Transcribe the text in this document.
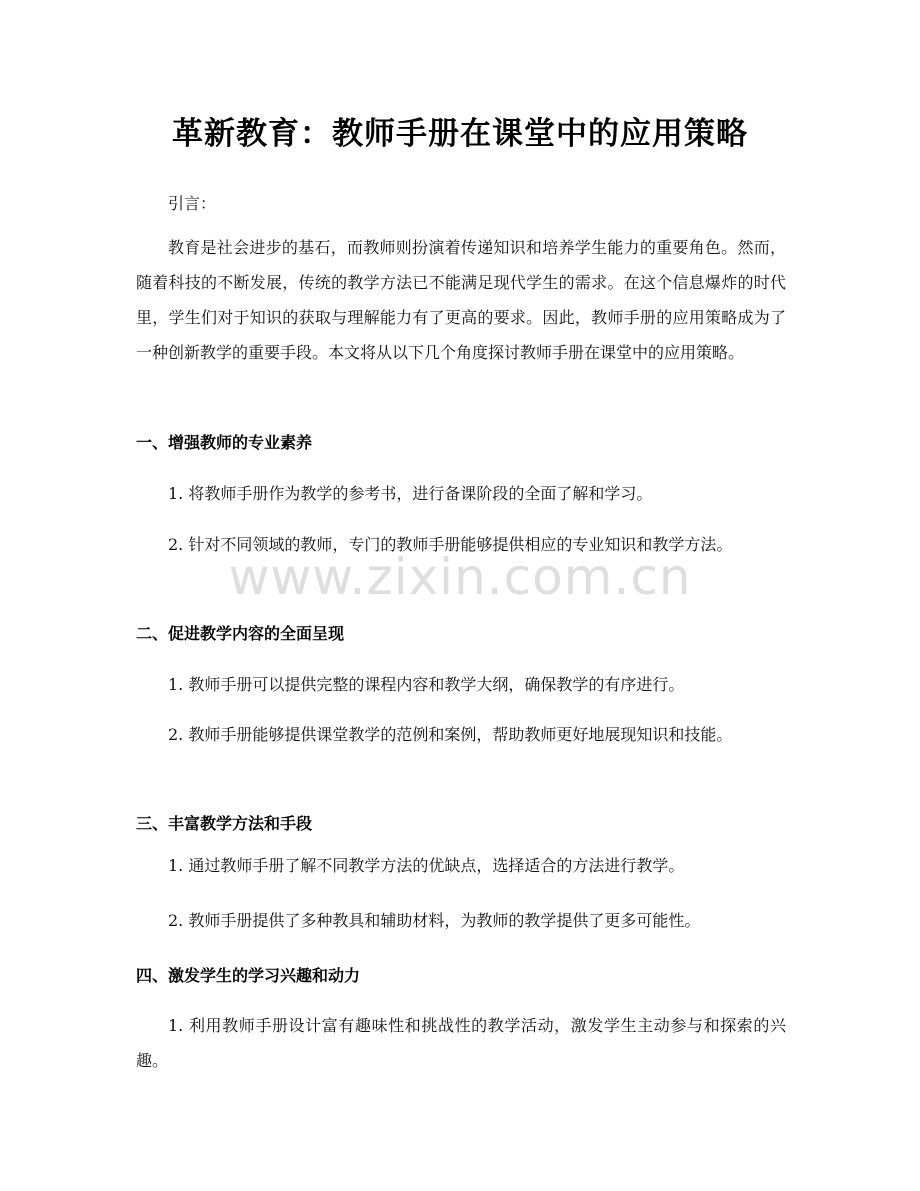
革新教育：教师手册在课堂中的应用策略

引言：

教育是社会进步的基石，而教师则扮演着传递知识和培养学生能力的重要角色。然而，随着科技的不断发展，传统的教学方法已不能满足现代学生的需求。在这个信息爆炸的时代里，学生们对于知识的获取与理解能力有了更高的要求。因此，教师手册的应用策略成为了一种创新教学的重要手段。本文将从以下几个角度探讨教师手册在课堂中的应用策略。

一、增强教师的专业素养

1. 将教师手册作为教学的参考书，进行备课阶段的全面了解和学习。

2. 针对不同领域的教师，专门的教师手册能够提供相应的专业知识和教学方法。

二、促进教学内容的全面呈现

1. 教师手册可以提供完整的课程内容和教学大纲，确保教学的有序进行。

2. 教师手册能够提供课堂教学的范例和案例，帮助教师更好地展现知识和技能。

三、丰富教学方法和手段

1. 通过教师手册了解不同教学方法的优缺点，选择适合的方法进行教学。

2. 教师手册提供了多种教具和辅助材料，为教师的教学提供了更多可能性。

四、激发学生的学习兴趣和动力

1. 利用教师手册设计富有趣味性和挑战性的教学活动，激发学生主动参与和探索的兴趣。

www.zixin.com.cn
